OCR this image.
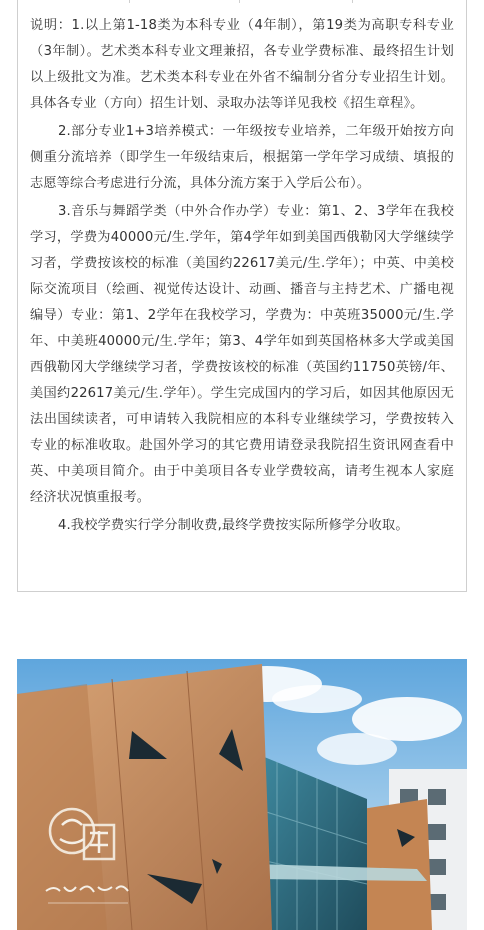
说明：1.以上第1-18类为本科专业（4年制），第19类为高职专科专业（3年制）。艺术类本科专业文理兼招，各专业学费标准、最终招生计划以上级批文为准。艺术类本科专业在外省不编制分省分专业招生计划。具体各专业（方向）招生计划、录取办法等详见我校《招生章程》。

2.部分专业1+3培养模式：一年级按专业培养，二年级开始按方向侧重分流培养（即学生一年级结束后，根据第一学年学习成绩、填报的志愿等综合考虑进行分流，具体分流方案于入学后公布）。

3.音乐与舞蹈学类（中外合作办学）专业：第1、2、3学年在我校学习，学费为40000元/生.学年，第4学年如到美国西俄勒冈大学继续学习者，学费按该校的标准（美国约22617美元/生.学年）；中英、中美校际交流项目（绘画、视觉传达设计、动画、播音与主持艺术、广播电视编导）专业：第1、2学年在我校学习，学费为：中英班35000元/生.学年、中美班40000元/生.学年；第3、4学年如到英国格林多大学或美国西俄勒冈大学继续学习者，学费按该校的标准（英国约11750英镑/年、美国约22617美元/生.学年）。学生完成国内的学习后，如因其他原因无法出国续读者，可申请转入我院相应的本科专业继续学习，学费按转入专业的标准收取。赴国外学习的其它费用请登录我院招生资讯网查看中英、中美项目简介。由于中美项目各专业学费较高，请考生视本人家庭经济状况慎重报考。

4.我校学费实行学分制收费,最终学费按实际所修学分收取。
